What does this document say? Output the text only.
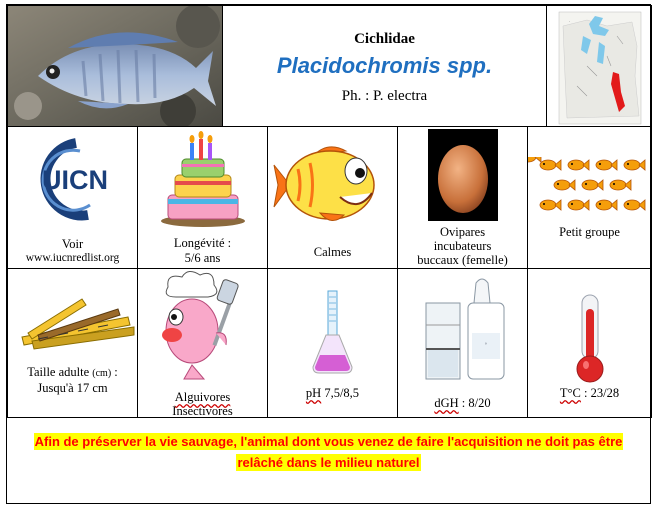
Cichlidae
Placidochromis spp.
Ph. : P. electra
.
UICN
Voir
www.iucnredlist.org
Longévité :
5/6 ans	Calmes
Ovipares
incubateurs
buccaux (femelle)
Petit groupe
Taille adulte (cm) :
Jusqu'à 17 cm
Alguivores
Insectivores
pH 7,5/8,5
∘
dGH : 8/20
T°C : 23/28
Afin de préserver la vie sauvage, l'animal dont vous venez de faire l'acquisition ne doit pas être
relâché dans le milieu naturel
